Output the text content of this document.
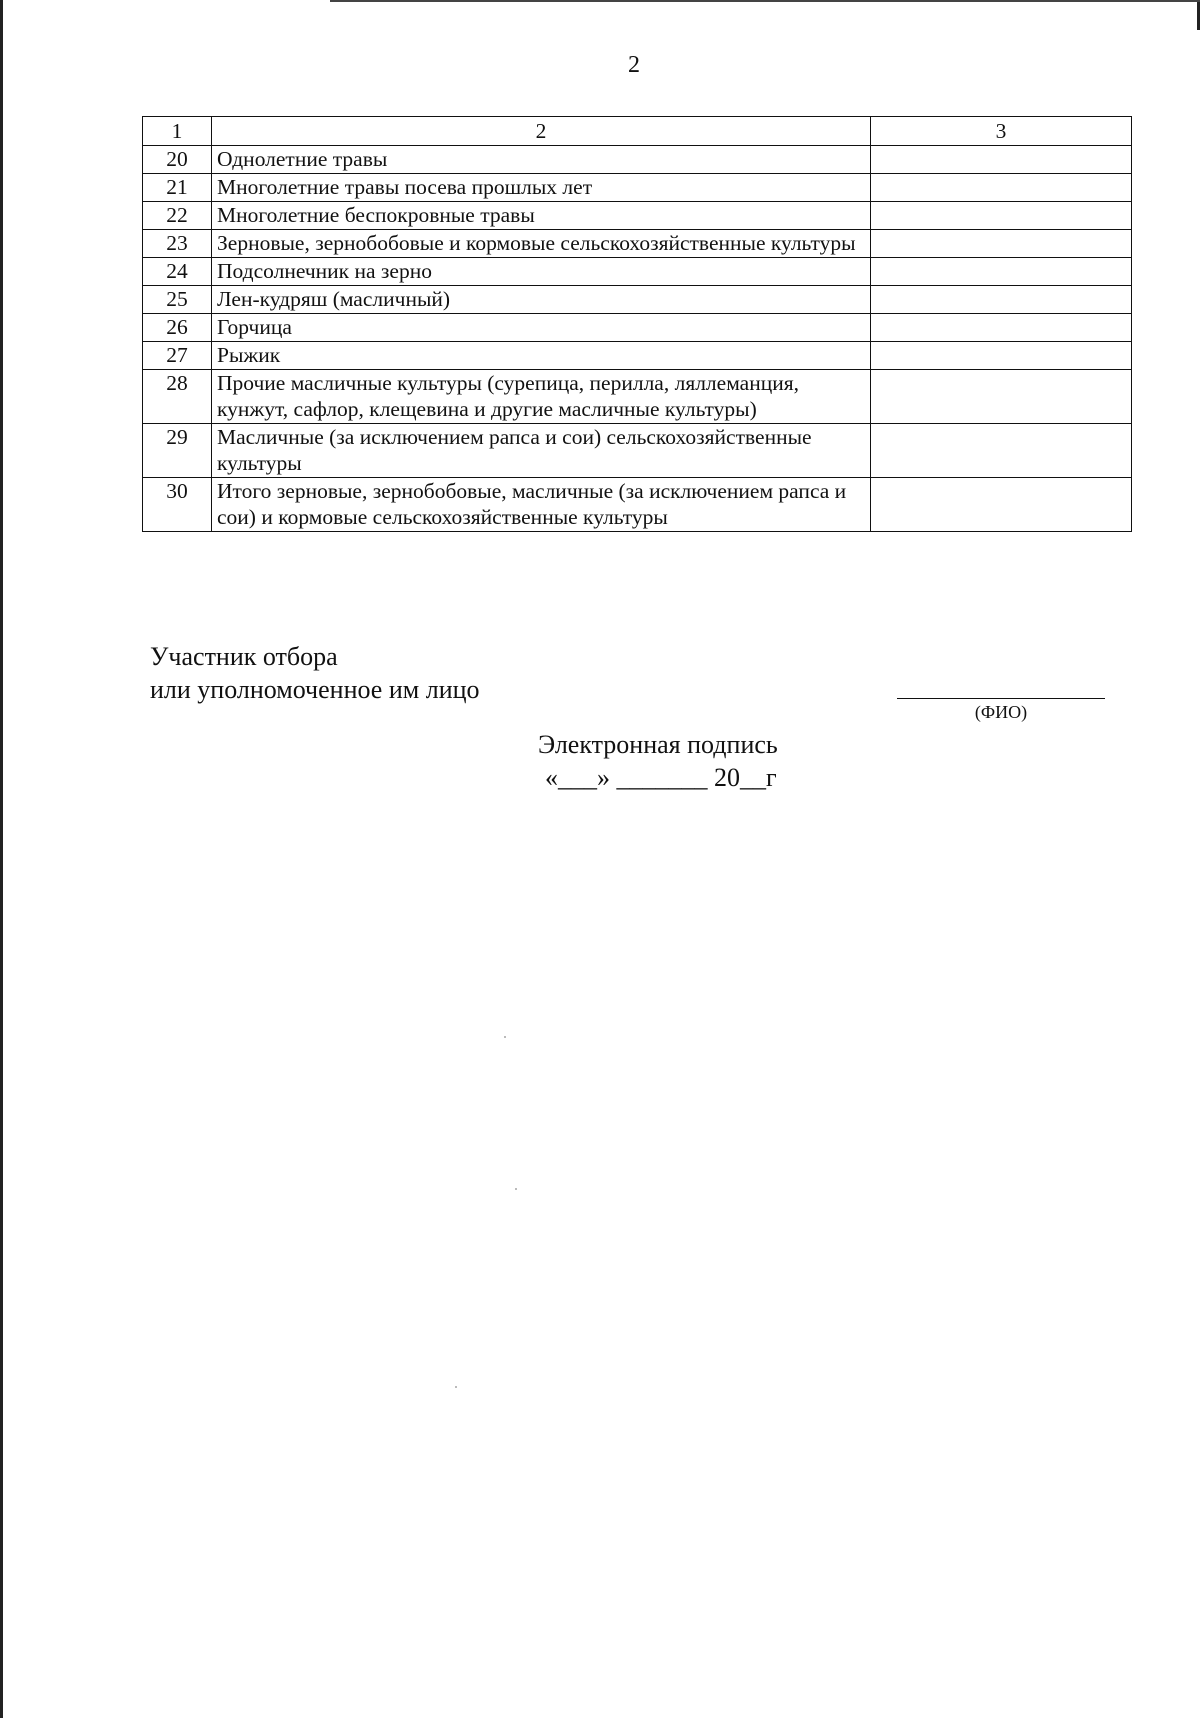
2
1	2	3
20	Однолетние травы	
21	Многолетние травы посева прошлых лет	
22	Многолетние беспокровные травы	
23	Зерновые, зернобобовые и кормовые сельскохозяйственные культуры	
24	Подсолнечник на зерно	
25	Лен-кудряш (масличный)	
26	Горчица	
27	Рыжик	
28	Прочие масличные культуры (сурепица, перилла, ляллеманция, кунжут, сафлор, клещевина и другие масличные культуры)	
29	Масличные (за исключением рапса и сои) сельскохозяйственные культуры	
30	Итого зерновые, зернобобовые, масличные (за исключением рапса и сои) и кормовые сельскохозяйственные культуры	
Участник отбора
или уполномоченное им лицо
(ФИО)
Электронная подпись
«___» _______ 20__г
